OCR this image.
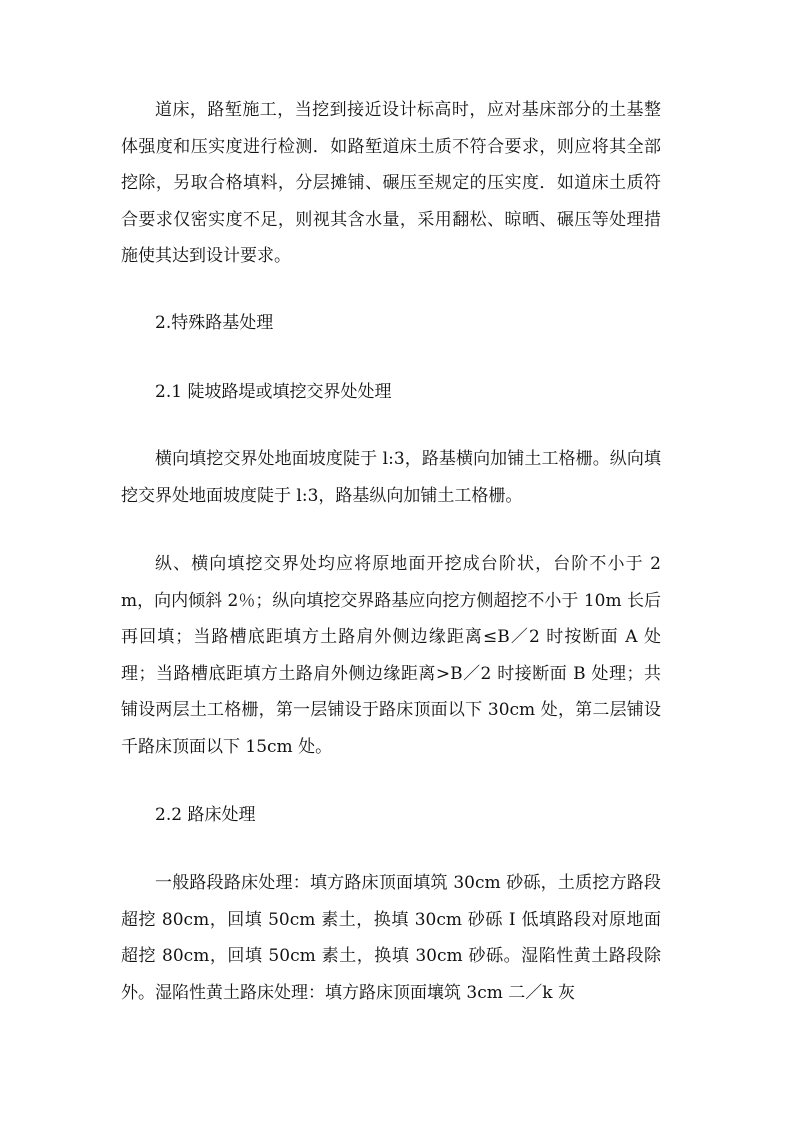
道床，路堑施工，当挖到接近设计标高时，应对基床部分的土基整体强度和压实度进行检测．如路堑道床土质不符合要求，则应将其全部挖除，另取合格填料，分层摊铺、碾压至规定的压实度．如道床土质符合要求仅密实度不足，则视其含水量，采用翻松、晾晒、碾压等处理措施使其达到设计要求。

2.特殊路基处理

2.1 陡坡路堤或填挖交界处处理

横向填挖交界处地面坡度陡于 l:3，路基横向加铺土工格栅。纵向填挖交界处地面坡度陡于 l:3，路基纵向加铺土工格栅。

纵、横向填挖交界处均应将原地面开挖成台阶状，台阶不小于 2m，向内倾斜 2％；纵向填挖交界路基应向挖方侧超挖不小于 10m 长后再回填；当路槽底距填方土路肩外侧边缘距离≤B／2 时按断面 A 处理；当路槽底距填方土路肩外侧边缘距离>B／2 时接断面 B 处理；共铺设两层土工格栅，第一层铺设于路床顶面以下 30cm 处，第二层铺设千路床顶面以下 15cm 处。

2.2 路床处理

一般路段路床处理：填方路床顶面填筑 30cm 砂砾，土质挖方路段超挖 80cm，回填 50cm 素土，换填 30cm 砂砾 I 低填路段对原地面超挖 80cm，回填 50cm 素土，换填 30cm 砂砾。湿陷性黄土路段除外。湿陷性黄土路床处理：填方路床顶面壤筑 3cm 二／k 灰
